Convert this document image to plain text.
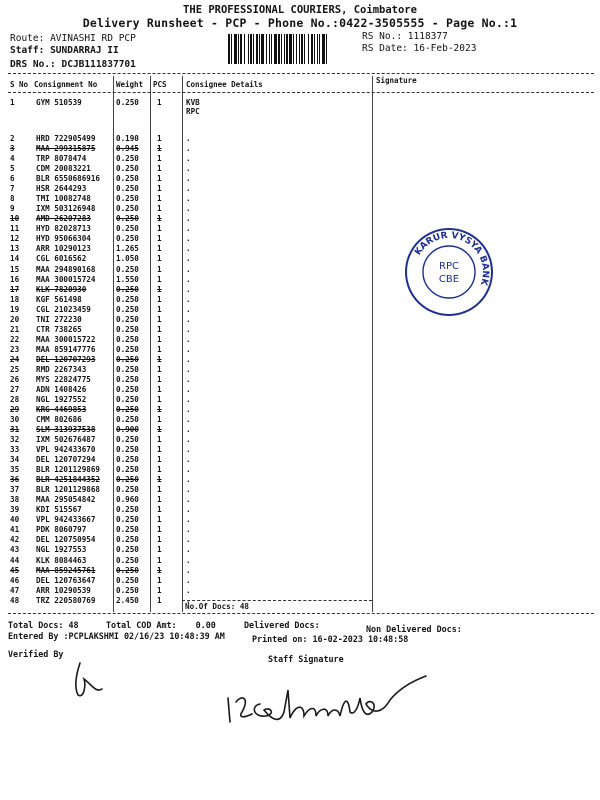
THE PROFESSIONAL COURIERS, Coimbatore
Delivery Runsheet - PCP - Phone No.:0422-3505555 - Page No.:1
Route: AVINASHI RD PCP
Staff: SUNDARRAJ II
DRS No.: DCJB111837701
RS No.: 1118377
RS Date: 16-Feb-2023
S No Consignment No	Weight PCS	Consignee Details	Signature
1	GYM 510539	0.250 1	KVB RPC
2	HRD 722905499	0.190 1	.
3	MAA 299315875	0.945 1	.
4	TRP 8078474	0.250 1	.
5	CDM 20083221	0.250 1	.
6	BLR 6550686916 0.250 1	.
7	HSR 2644293	0.250 1	.
8	TMI 10082748	0.250 1	.
9	IXM 503126948	0.250 1	.
10 AMD 26207283	0.250 1	.
11 HYD 82028713	0.250 1	.
12 HYD 95066304	0.250 1	.
13 ARR 10290123	1.265 1	.
14 CGL 6016562	1.050 1	.
15 MAA 294890168	0.250 1	.
16 MAA 300015724	1.550 1	.
17 KLK 7820930	0.250 1	.
18 KGF 561498	0.250 1	.
19 CGL 21023459	0.250 1	.
20 TNI 272230	0.250 1	.
21 CTR 738265	0.250 1	.
22 MAA 300015722	0.250 1	.
23 MAA 859147776	0.250 1	.
24 DEL 120707293	0.250 1	.
25 RMD 2267343	0.250 1	.
26 MYS 22824775	0.250 1	.
27 ADN 1408426	0.250 1	.
28 NGL 1927552	0.250 1	.
29 KRG 4469853	0.250 1	.
30 CMM 802686	0.250 1	.
31 SLM 313937538	0.900 1	.
32 IXM 502676487	0.250 1	.
33 VPL 942433670	0.250 1	.
34 DEL 120707294	0.250 1	.
35 BLR 1201129869 0.250 1	.
36 BLR 4251844352 0.250 1	.
37 BLR 1201129868 0.250 1	.
38 MAA 295054842	0.960 1	.
39 KDI 515567	0.250 1	.
40 VPL 942433667	0.250 1	.
41 PDK 8060797	0.250 1	.
42 DEL 120750954	0.250 1	.
43 NGL 1927553	0.250 1	.
44 KLK 8084463	0.250 1	.
45 MAA 859245761	0.250 1	.
46 DEL 120763647	0.250 1	.
47 ARR 10290539	0.250 1	.
48 TRZ 220580769	2.450 1	.
No.Of Docs: 48
Total Docs: 48	Total COD Amt: 0.00	Delivered Docs:	Non Delivered Docs:
Entered By :PCPLAKSHMI 02/16/23 10:48:39 AM	Printed on: 16-02-2023 10:48:58
Verified By	Staff Signature
KARUR VYSYA BANK
RPC
CBE
